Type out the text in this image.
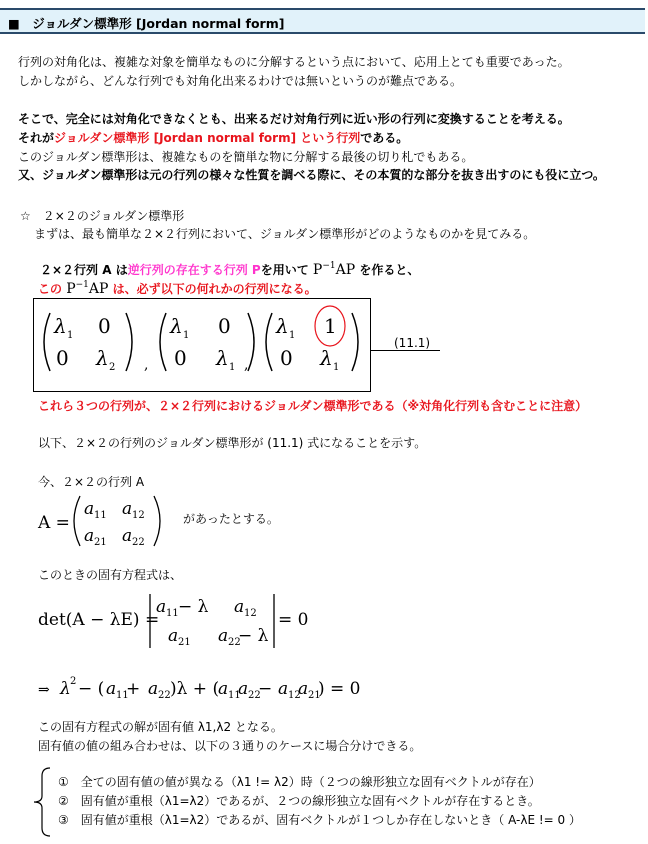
■　ジョルダン標準形 [Jordan normal form]
行列の対角化は、複雑な対象を簡単なものに分解するという点において、応用上とても重要であった。
しかしながら、どんな行列でも対角化出来るわけでは無いというのが難点である。
そこで、完全には対角化できなくとも、出来るだけ対角行列に近い形の行列に変換することを考える。
それがジョルダン標準形 [Jordan normal form] という行列である。
このジョルダン標準形は、複雑なものを簡単な物に分解する最後の切り札でもある。
又、ジョルダン標準形は元の行列の様々な性質を調べる際に、その本質的な部分を抜き出すのにも役に立つ。
☆　２×２のジョルダン標準形
まずは、最も簡単な２×２行列において、ジョルダン標準形がどのようなものかを見てみる。
２×２行列 A は逆行列の存在する行列 Pを用いて $P^{-1}AP$ を作ると、
この $P^{-1}AP$ は、必ず以下の何れかの行列になる。
λ 1 0
0 λ 2 ,
λ 1 0
0 λ 1 ,
λ 1 1
0 λ 1
(11.1)
これら３つの行列が、２×２行列におけるジョルダン標準形である（※対角化行列も含むことに注意）
以下、２×２の行列のジョルダン標準形が (11.1) 式になることを示す。
今、２×２の行列 A
A =
a 11 a 12
a 21 a 22
があったとする。
このときの固有方程式は、
det(A − λE) =
a 11 − λ a 12
a 21 a 22
− λ
= 0
⇒ λ 2 − ( a 11
+ a 22 )λ + (
a 11
a 22
− a 12
a 21
) = 0
この固有方程式の解が固有値 λ1,λ2 となる。
固有値の値の組み合わせは、以下の３通りのケースに場合分けできる。
①　全ての固有値の値が異なる（λ1 != λ2）時（２つの線形独立な固有ベクトルが存在）
②　固有値が重根（λ1=λ2）であるが、２つの線形独立な固有ベクトルが存在するとき。
③　固有値が重根（λ1=λ2）であるが、固有ベクトルが１つしか存在しないとき（ A-λE != 0 ）
